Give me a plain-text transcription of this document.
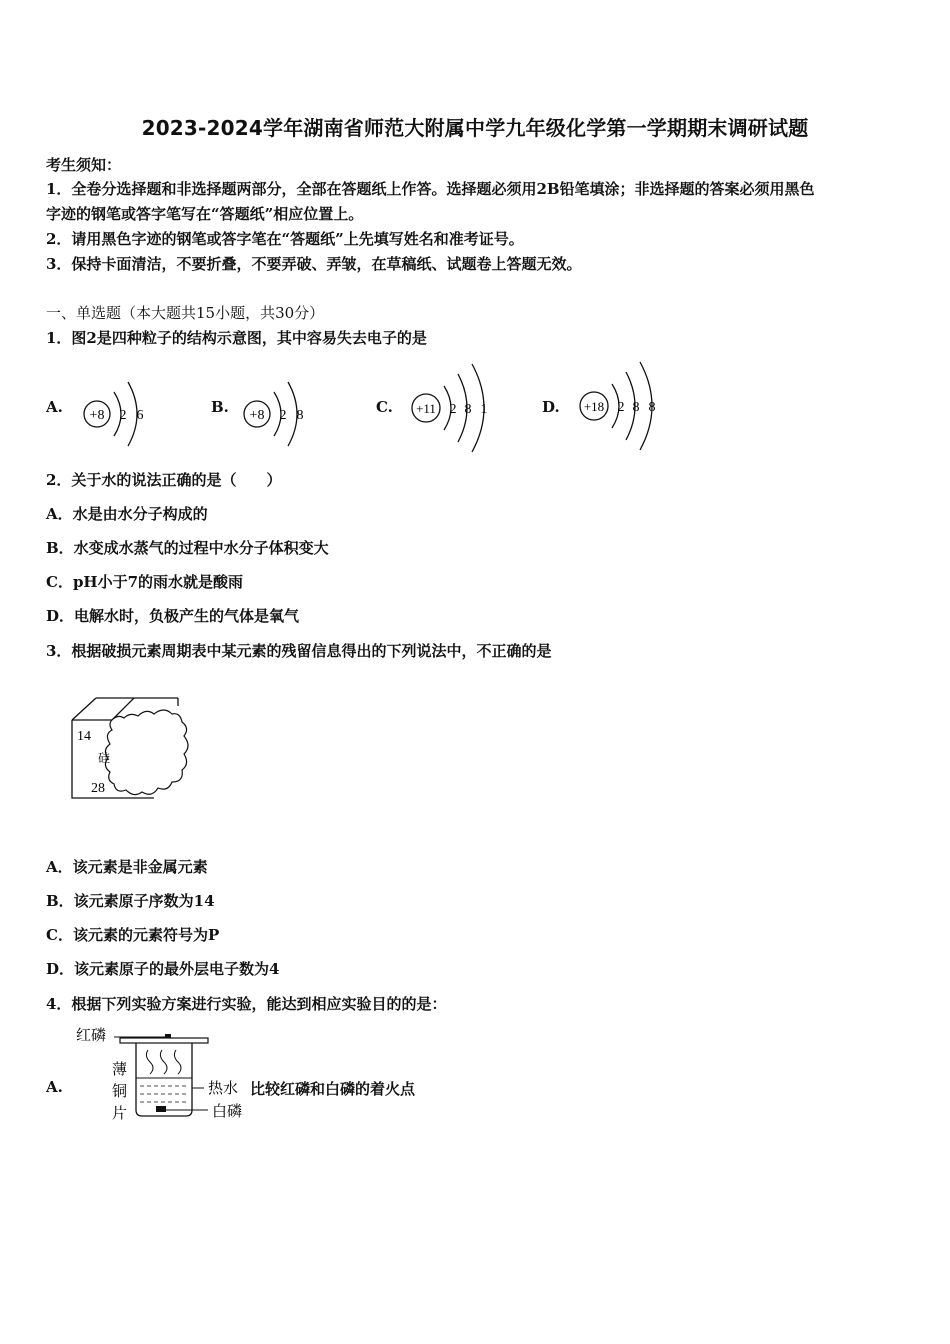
2023-2024学年湖南省师范大附属中学九年级化学第一学期期末调研试题
考生须知：
1．全卷分选择题和非选择题两部分，全部在答题纸上作答。选择题必须用2B铅笔填涂；非选择题的答案必须用黑色
字迹的钢笔或答字笔写在“答题纸”相应位置上。
2．请用黑色字迹的钢笔或答字笔在“答题纸”上先填写姓名和准考证号。
3．保持卡面清洁，不要折叠，不要弄破、弄皱，在草稿纸、试题卷上答题无效。
一、单选题（本大题共15小题，共30分）
1．图2是四种粒子的结构示意图，其中容易失去电子的是
A. +8 2 6	B. +8 2 8	C. +11 2 8 1	D. +18 2 8 8
2．关于水的说法正确的是（　　）
A．水是由水分子构成的
B．水变成水蒸气的过程中水分子体积变大
C．pH小于7的雨水就是酸雨
D．电解水时，负极产生的气体是氧气
3．根据破损元素周期表中某元素的残留信息得出的下列说法中，不正确的是
14
硅
28
A．该元素是非金属元素
B．该元素原子序数为14
C．该元素的元素符号为P
D．该元素原子的最外层电子数为4
4．根据下列实验方案进行实验，能达到相应实验目的的是：
A.
红磷
热水
白磷
薄
铜
片
比较红磷和白磷的着火点
